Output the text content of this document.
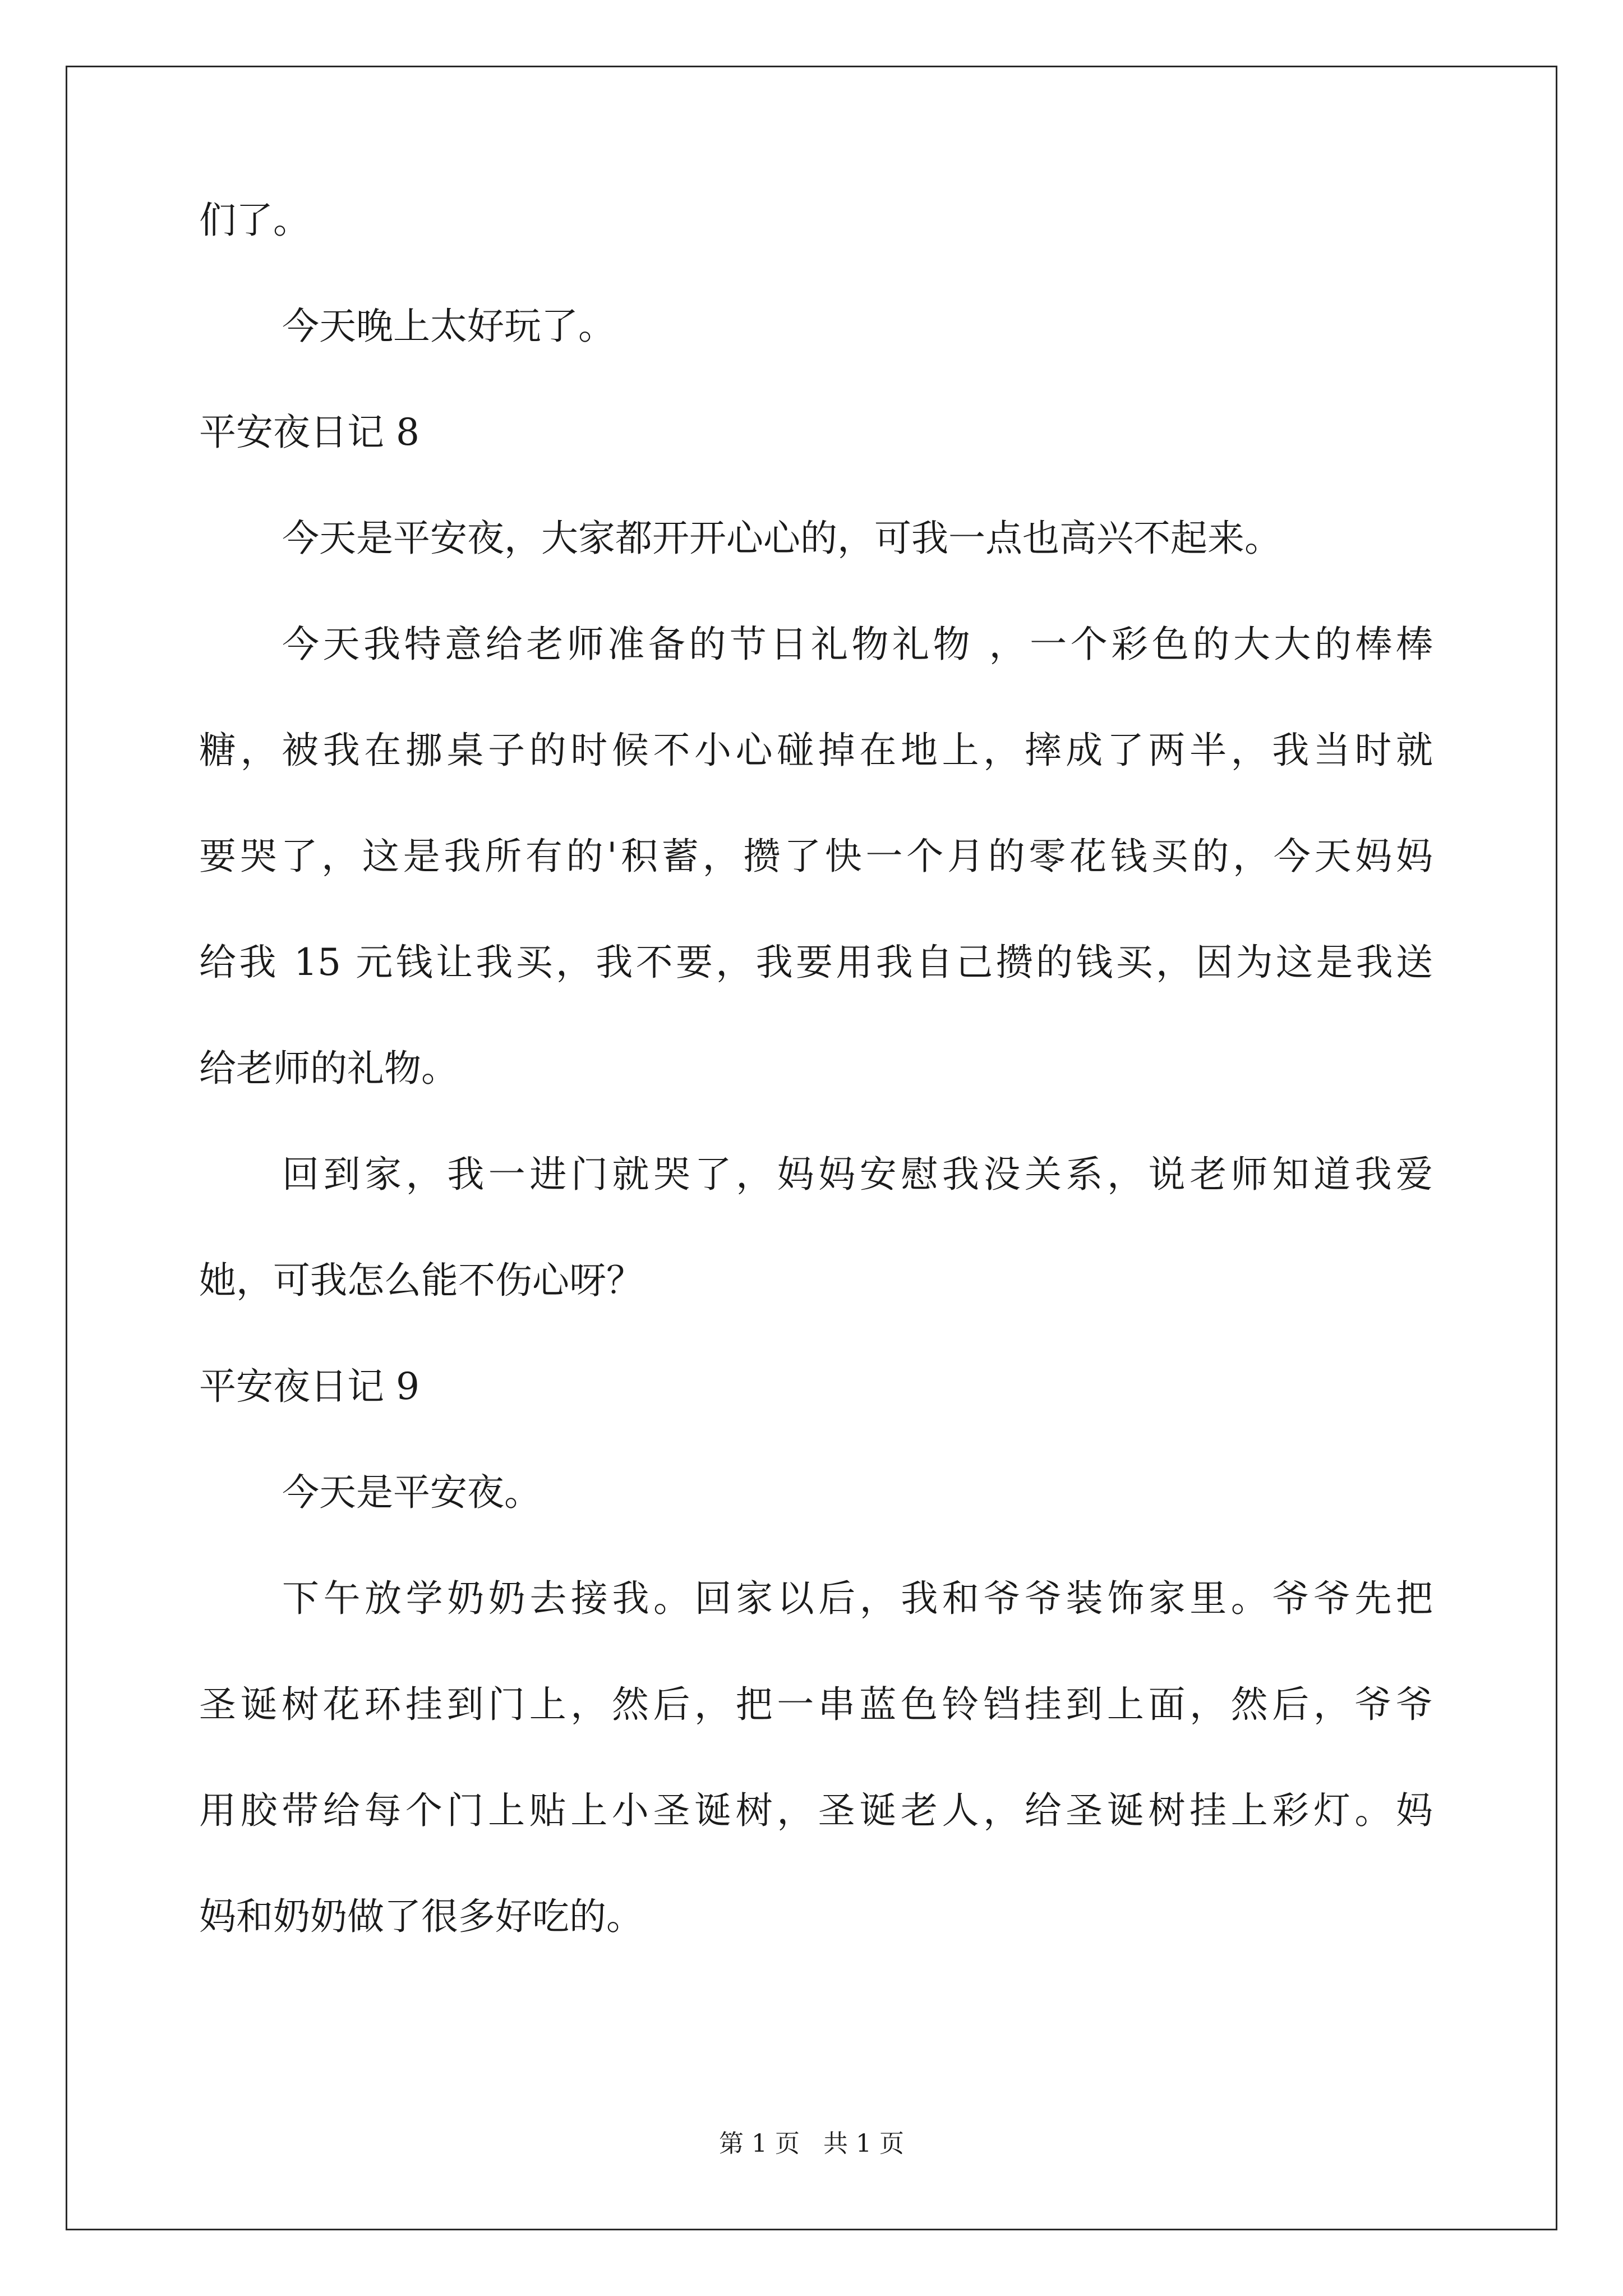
们了。
今天晚上太好玩了。
平安夜日记 8
今天是平安夜，大家都开开心心的，可我一点也高兴不起来。
今天我特意给老师准备的节日礼物礼物 ，一个彩色的大大的棒棒
糖，被我在挪桌子的时候不小心碰掉在地上，摔成了两半，我当时就
要哭了，这是我所有的'积蓄，攒了快一个月的零花钱买的，今天妈妈
给我 15 元钱让我买，我不要，我要用我自己攒的钱买，因为这是我送
给老师的礼物。
回到家，我一进门就哭了，妈妈安慰我没关系，说老师知道我爱
她，可我怎么能不伤心呀？
平安夜日记 9
今天是平安夜。
下午放学奶奶去接我。回家以后，我和爷爷装饰家里。爷爷先把
圣诞树花环挂到门上，然后，把一串蓝色铃铛挂到上面，然后，爷爷
用胶带给每个门上贴上小圣诞树，圣诞老人，给圣诞树挂上彩灯。妈
妈和奶奶做了很多好吃的。
第 1 页   共 1 页
